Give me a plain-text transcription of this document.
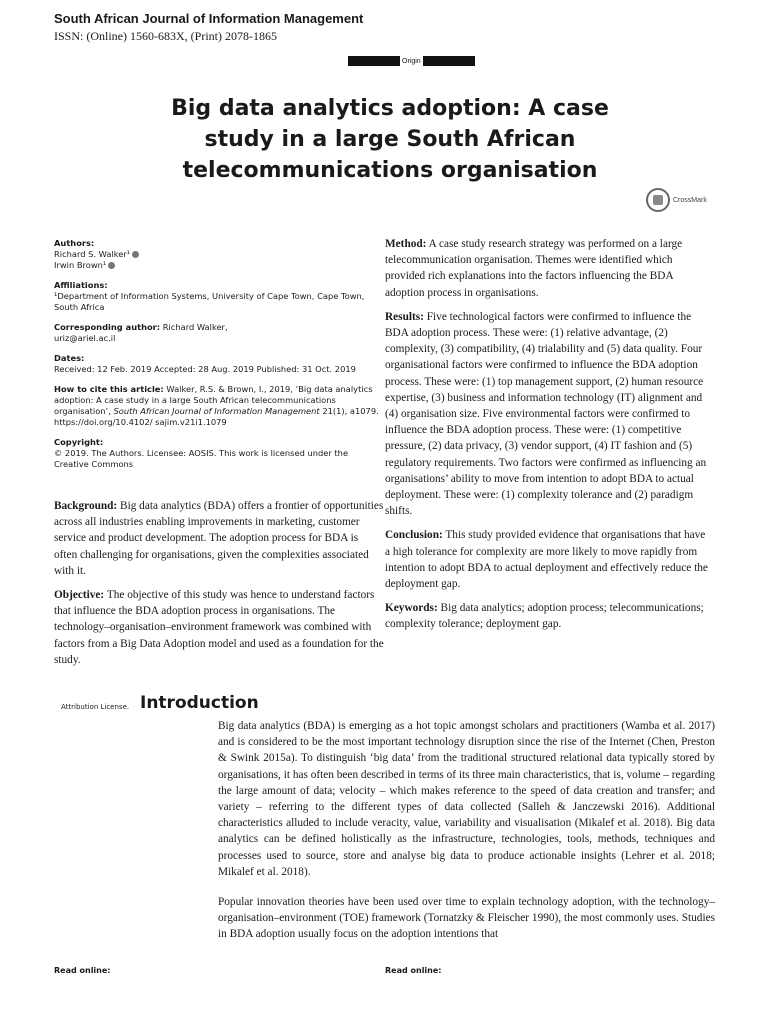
South African Journal of Information Management
ISSN: (Online) 1560-683X, (Print) 2078-1865
Origin
Big data analytics adoption: A case
study in a large South African
telecommunications organisation
CrossMark
Authors:
Richard S. Walker¹
Irwin Brown¹
Affiliations:
¹Department of Information Systems, University of Cape Town, Cape Town, South Africa
Corresponding author: Richard Walker,
uriz@ariel.ac.il
Dates:
Received: 12 Feb. 2019 Accepted: 28 Aug. 2019 Published: 31 Oct. 2019
How to cite this article: Walker, R.S. & Brown, I., 2019, ‘Big data analytics adoption: A case study in a large South African telecommunications organisation’, South African Journal of Information Management 21(1), a1079. https://doi.org/10.4102/ sajim.v21i1.1079
Copyright:
© 2019. The Authors. Licensee: AOSIS. This work is licensed under the Creative Commons

Background: Big data analytics (BDA) offers a frontier of opportunities across all industries enabling improvements in marketing, customer service and product development. The adoption process for BDA is often challenging for organisations, given the complexities associated with it.

Objective: The objective of this study was hence to understand factors that influence the BDA adoption process in organisations. The technology–organisation–environment framework was combined with factors from a Big Data Adoption model and used as a foundation for the study.

Method: A case study research strategy was performed on a large telecommunication organisation. Themes were identified which provided rich explanations into the factors influencing the BDA adoption process in organisations.

Results: Five technological factors were confirmed to influence the BDA adoption process. These were: (1) relative advantage, (2) complexity, (3) compatibility, (4) trialability and (5) data quality. Four organisational factors were confirmed to influence the BDA adoption process. These were: (1) top management support, (2) human resource expertise, (3) business and information technology (IT) alignment and (4) organisation size. Five environmental factors were confirmed to influence the BDA adoption process. These were: (1) competitive pressure, (2) data privacy, (3) vendor support, (4) IT fashion and (5) regulatory requirements. Two factors were confirmed as influencing an organisations’ ability to move from intention to adopt BDA to actual deployment. These were: (1) complexity tolerance and (2) paradigm shifts.

Conclusion: This study provided evidence that organisations that have a high tolerance for complexity are more likely to move rapidly from intention to adopt BDA to actual deployment and effectively reduce the deployment gap.

Keywords: Big data analytics; adoption process; telecommunications; complexity tolerance; deployment gap.

Attribution License. Introduction

Big data analytics (BDA) is emerging as a hot topic amongst scholars and practitioners (Wamba et al. 2017) and is considered to be the most important technology disruption since the rise of the Internet (Chen, Preston & Swink 2015a). To distinguish ‘big data’ from the traditional structured relational data typically stored by organisations, it has often been described in terms of its three main characteristics, that is, volume – regarding the large amount of data; velocity – which makes reference to the speed of data creation and transfer; and variety – referring to the different types of data collected (Salleh & Janczewski 2016). Additional characteristics alluded to include veracity, value, variability and visualisation (Mikalef et al. 2018). Big data analytics can be defined holistically as the infrastructure, technologies, tools, methods, techniques and processes used to source, store and analyse big data to produce actionable insights (Lehrer et al. 2018; Mikalef et al. 2018).

Popular innovation theories have been used over time to explain technology adoption, with the technology–organisation–environment (TOE) framework (Tornatzky & Fleischer 1990), the most commonly uses. Studies in BDA adoption usually focus on the adoption intentions that

Read online:	Read online:
